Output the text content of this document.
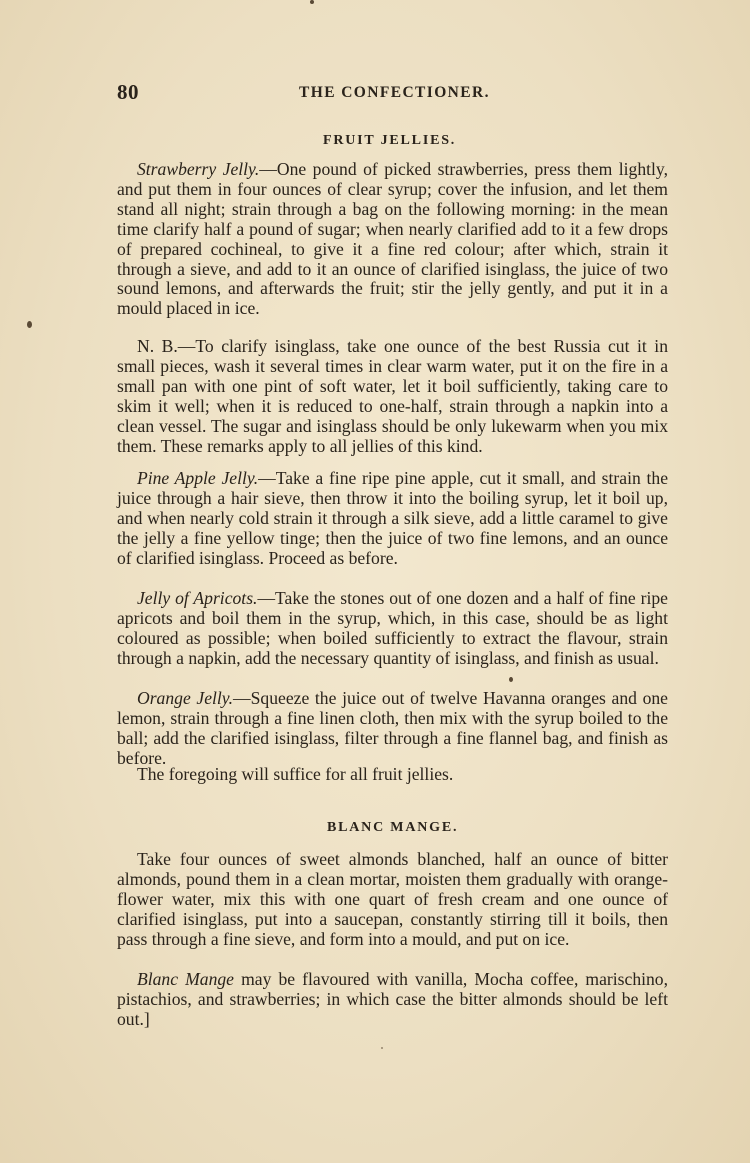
80	THE CONFECTIONER.
FRUIT JELLIES.

Strawberry Jelly.—One pound of picked strawberries, press them lightly, and put them in four ounces of clear syrup; cover the infusion, and let them stand all night; strain through a bag on the following morning: in the mean time clarify half a pound of sugar; when nearly clarified add to it a few drops of prepared cochineal, to give it a fine red colour; after which, strain it through a sieve, and add to it an ounce of clarified isinglass, the juice of two sound lemons, and afterwards the fruit; stir the jelly gently, and put it in a mould placed in ice.

N. B.—To clarify isinglass, take one ounce of the best Russia cut it in small pieces, wash it several times in clear warm water, put it on the fire in a small pan with one pint of soft water, let it boil sufficiently, taking care to skim it well; when it is reduced to one-half, strain through a napkin into a clean vessel. The sugar and isinglass should be only lukewarm when you mix them. These remarks apply to all jellies of this kind.

Pine Apple Jelly.—Take a fine ripe pine apple, cut it small, and strain the juice through a hair sieve, then throw it into the boiling syrup, let it boil up, and when nearly cold strain it through a silk sieve, add a little caramel to give the jelly a fine yellow tinge; then the juice of two fine lemons, and an ounce of clarified isinglass. Proceed as before.

Jelly of Apricots.—Take the stones out of one dozen and a half of fine ripe apricots and boil them in the syrup, which, in this case, should be as light coloured as possible; when boiled sufficiently to extract the flavour, strain through a napkin, add the necessary quantity of isinglass, and finish as usual.

Orange Jelly.—Squeeze the juice out of twelve Havanna oranges and one lemon, strain through a fine linen cloth, then mix with the syrup boiled to the ball; add the clarified isinglass, filter through a fine flannel bag, and finish as before.

The foregoing will suffice for all fruit jellies.

BLANC MANGE.

Take four ounces of sweet almonds blanched, half an ounce of bitter almonds, pound them in a clean mortar, moisten them gradually with orange-flower water, mix this with one quart of fresh cream and one ounce of clarified isinglass, put into a saucepan, constantly stirring till it boils, then pass through a fine sieve, and form into a mould, and put on ice.

Blanc Mange may be flavoured with vanilla, Mocha coffee, marischino, pistachios, and strawberries; in which case the bitter almonds should be left out.]
